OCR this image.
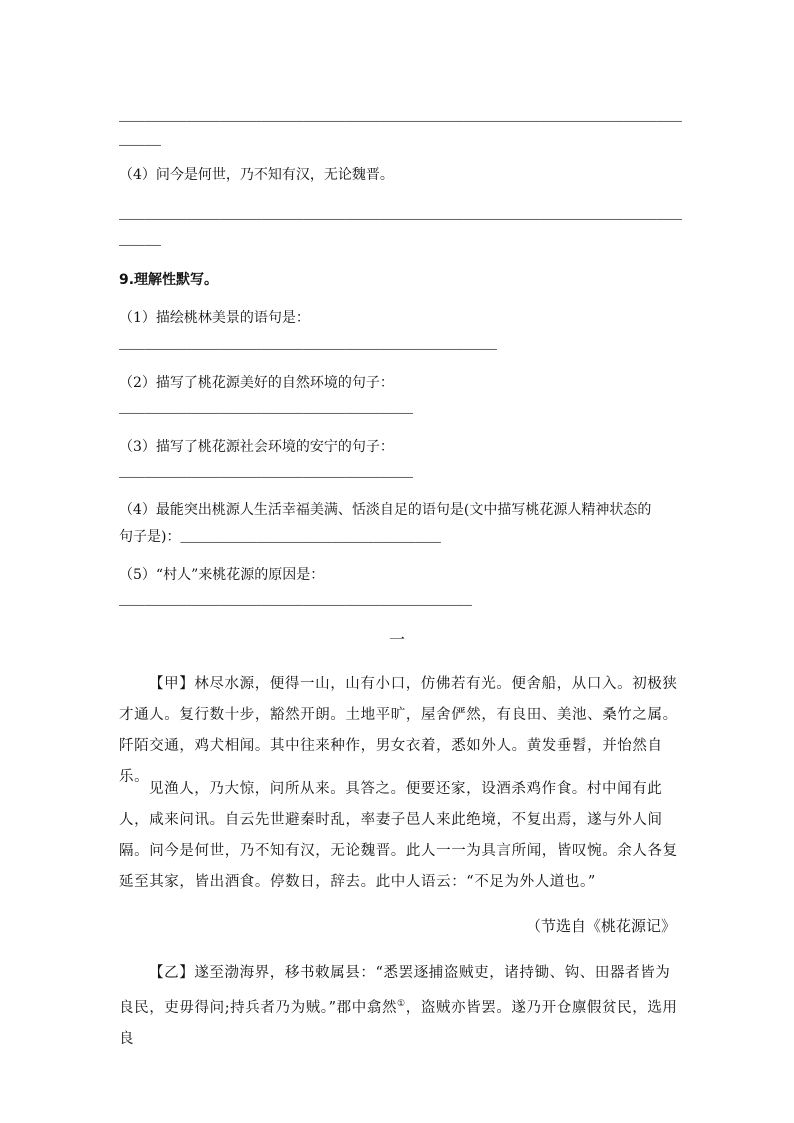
___________________________________________________________________
_____
（4）问今是何世，乃不知有汉，无论魏晋。
___________________________________________________________________
_____
9.理解性默写。
（1）描绘桃林美景的语句是：
_____________________________________________
（2）描写了桃花源美好的自然环境的句子：
___________________________________
（3）描写了桃花源社会环境的安宁的句子：
___________________________________
（4）最能突出桃源人生活幸福美满、恬淡自足的语句是(文中描写桃花源人精神状态的
句子是)：_______________________________
（5）“村人”来桃花源的原因是：
__________________________________________
一
【甲】林尽水源，便得一山，山有小口，仿佛若有光。便舍船，从口入。初极狭才通人。复行数十步，豁然开朗。土地平旷，屋舍俨然，有良田、美池、桑竹之属。阡陌交通，鸡犬相闻。其中往来种作，男女衣着，悉如外人。黄发垂髫，并怡然自乐。
见渔人，乃大惊，问所从来。具答之。便要还家，设酒杀鸡作食。村中闻有此人，咸来问讯。自云先世避秦时乱，率妻子邑人来此绝境，不复出焉，遂与外人间隔。问今是何世，乃不知有汉，无论魏晋。此人一一为具言所闻，皆叹惋。余人各复延至其家，皆出酒食。停数日，辞去。此中人语云：“不足为外人道也。”
（节选自《桃花源记》
【乙】遂至渤海界，移书敕属县：“悉罢逐捕盗贼吏，诸持锄、钩、田器者皆为良民，吏毋得问;持兵者乃为贼。”郡中翕然①，盗贼亦皆罢。遂乃开仓廪假贫民，选用良
